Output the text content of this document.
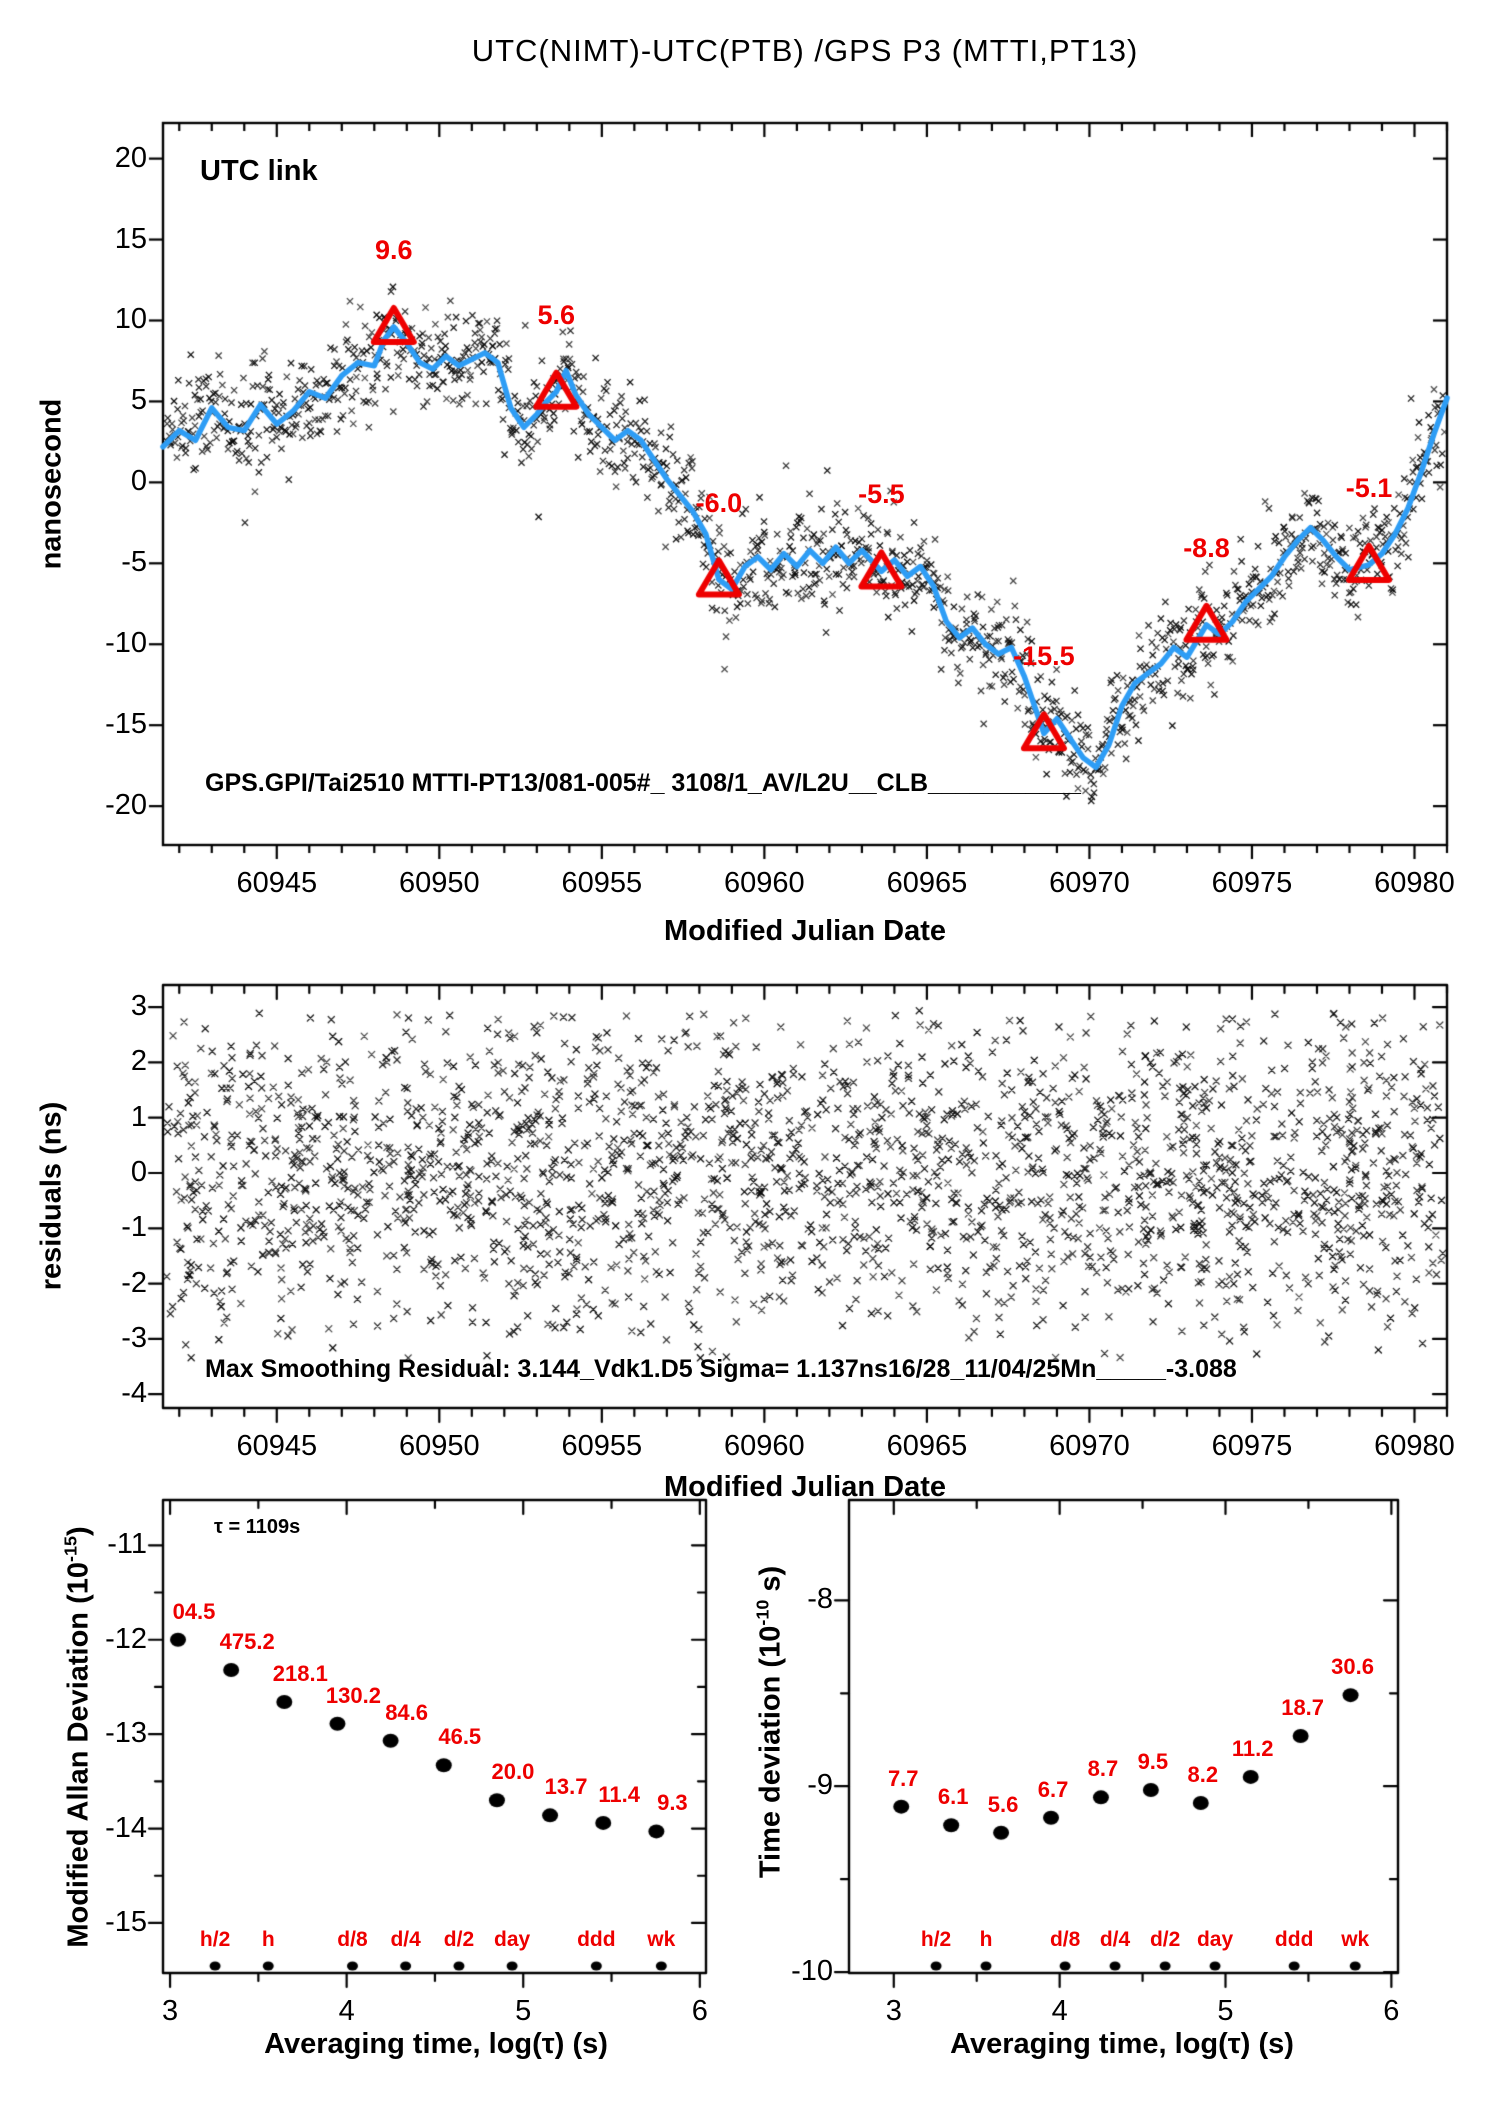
UTC(NIMT)-UTC(PTB) /GPS P3 (MTTI,PT13)
UTC link
nanosecond
GPS.GPI/Tai2510 MTTI-PT13/081-005#_ 3108/1_AV/L2U__CLB___________
Modified Julian Date
residuals (ns)
Max Smoothing Residual: 3.144_Vdk1.D5 Sigma= 1.137ns16/28_11/04/25Mn_____-3.088
Modified Julian Date
Modified Allan Deviation $(10^{-15})$	τ = 1109s
Averaging time, log(τ) (s)
Time deviation ($10^{-10}$ s)
Averaging time, log(τ) (s)
60945	60950	60955	60960	60965	60970	60975	60980
20
15
10
5
0
-5
-10
-15
-20
9.6
5.6
-6.0	-5.5
-15.5
-8.8
-5.1
60945	60950	60955	60960	60965	60970	60975	60980
3
2
1
0
-1
-2
-3
-4
3	4	5	6
-11
-12
-13
-14
-15
04.5
475.2
218.1
130.2
84.6
46.5
20.0
13.7 11.4 9.3
h/2 h	d/8 d/4 d/2 day ddd wk
3	4	5	6
-8
-9
-10
7.7
6.1 5.6
6.7
8.7 9.5
8.2
11.2
18.7
30.6
h/2 h	d/8 d/4 d/2 day ddd wk
